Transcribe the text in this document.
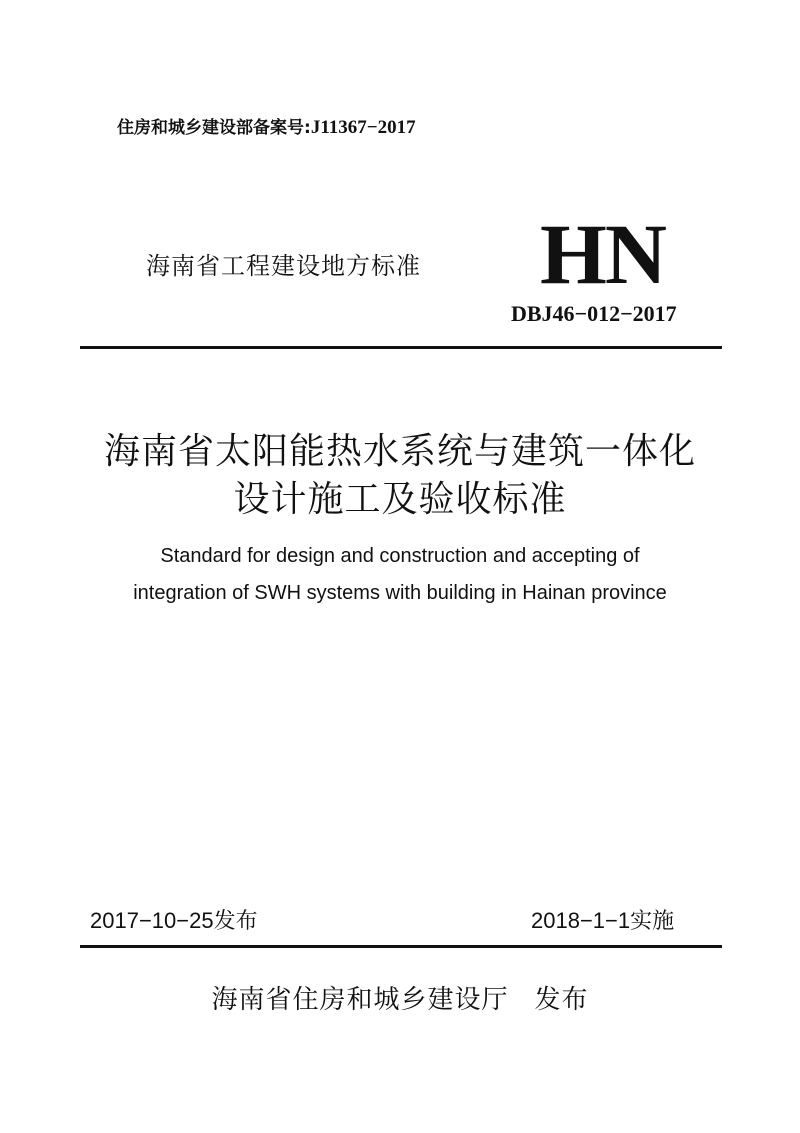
住房和城乡建设部备案号:J11367−2017
海南省工程建设地方标准 HN
DBJ46−012−2017
海南省太阳能热水系统与建筑一体化
设计施工及验收标准
Standard for design and construction and accepting of
integration of SWH systems with building in Hainan province
2017−10−25发布	2018−1−1实施
海南省住房和城乡建设厅 发布
